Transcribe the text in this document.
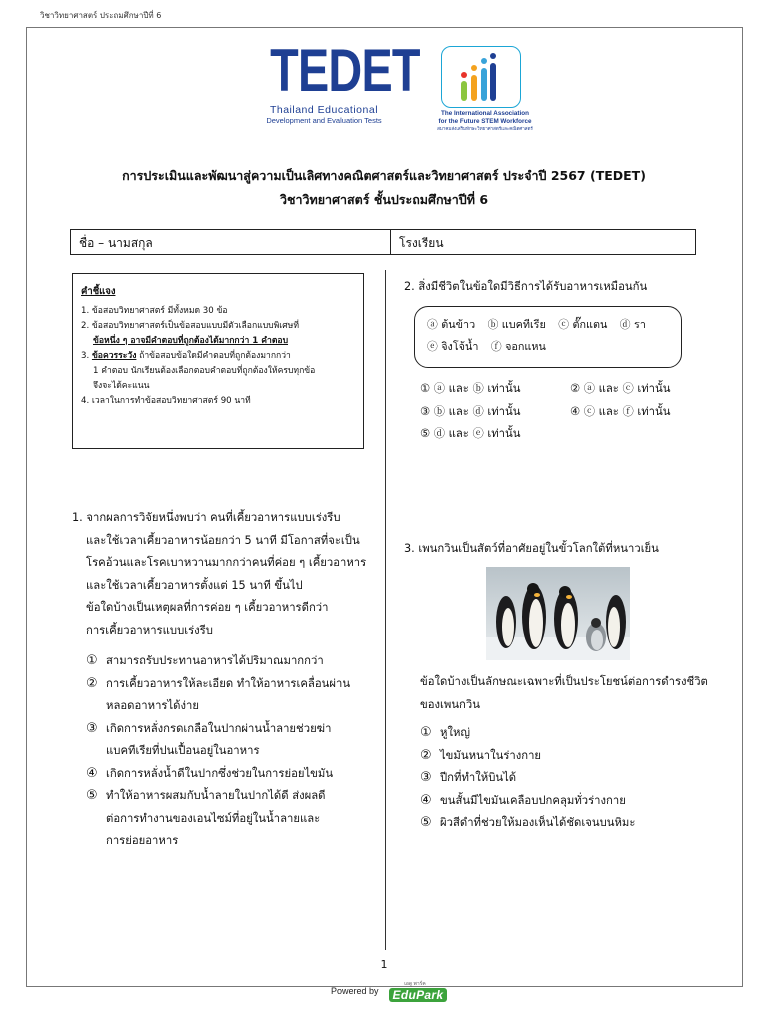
วิชาวิทยาศาสตร์ ประถมศึกษาปีที่ 6
TEDET
Thailand Educational
Development and Evaluation Tests
The International Association
for the Future STEM Workforce
สมาคมส่งเสริมทักษะวิทยาศาสตร์และคณิตศาสตร์
การประเมินและพัฒนาสู่ความเป็นเลิศทางคณิตศาสตร์และวิทยาศาสตร์ ประจำปี 2567 (TEDET)
วิชาวิทยาศาสตร์ ชั้นประถมศึกษาปีที่ 6
ชื่อ – นามสกุล	โรงเรียน
คำชี้แจง
1. ข้อสอบวิทยาศาสตร์ มีทั้งหมด 30 ข้อ
2. ข้อสอบวิทยาศาสตร์เป็นข้อสอบแบบมีตัวเลือกแบบพิเศษที่
ข้อหนึ่ง ๆ อาจมีคำตอบที่ถูกต้องได้มากกว่า 1 คำตอบ
3. ข้อควรระวัง ถ้าข้อสอบข้อใดมีคำตอบที่ถูกต้องมากกว่า
1 คำตอบ นักเรียนต้องเลือกตอบคำตอบที่ถูกต้องให้ครบทุกข้อ
จึงจะได้คะแนน
4. เวลาในการทำข้อสอบวิทยาศาสตร์ 90 นาที
1. จากผลการวิจัยหนึ่งพบว่า คนที่เคี้ยวอาหารแบบเร่งรีบ
และใช้เวลาเคี้ยวอาหารน้อยกว่า 5 นาที มีโอกาสที่จะเป็น
โรคอ้วนและโรคเบาหวานมากกว่าคนที่ค่อย ๆ เคี้ยวอาหาร
และใช้เวลาเคี้ยวอาหารตั้งแต่ 15 นาที ขึ้นไป
ข้อใดบ้างเป็นเหตุผลที่การค่อย ๆ เคี้ยวอาหารดีกว่า
การเคี้ยวอาหารแบบเร่งรีบ
① สามารถรับประทานอาหารได้ปริมาณมากกว่า
② การเคี้ยวอาหารให้ละเอียด ทำให้อาหารเคลื่อนผ่าน
หลอดอาหารได้ง่าย
③ เกิดการหลั่งกรดเกลือในปากผ่านน้ำลายช่วยฆ่า
แบคทีเรียที่ปนเปื้อนอยู่ในอาหาร
④ เกิดการหลั่งน้ำดีในปากซึ่งช่วยในการย่อยไขมัน
⑤ ทำให้อาหารผสมกับน้ำลายในปากได้ดี ส่งผลดี
ต่อการทำงานของเอนไซม์ที่อยู่ในน้ำลายและ
การย่อยอาหาร
2. สิ่งมีชีวิตในข้อใดมีวิธีการได้รับอาหารเหมือนกัน
ⓐ ต้นข้าว ⓑ แบคทีเรีย ⓒ ตั๊กแตน ⓓ รา
ⓔ จิงโจ้น้ำ ⓕ จอกแหน
① ⓐ และ ⓑ เท่านั้น	② ⓐ และ ⓒ เท่านั้น
③ ⓑ และ ⓓ เท่านั้น	④ ⓒ และ ⓕ เท่านั้น
⑤ ⓓ และ ⓔ เท่านั้น
3. เพนกวินเป็นสัตว์ที่อาศัยอยู่ในขั้วโลกใต้ที่หนาวเย็น
ข้อใดบ้างเป็นลักษณะเฉพาะที่เป็นประโยชน์ต่อการดำรงชีวิต
ของเพนกวิน
① หูใหญ่
② ไขมันหนาในร่างกาย
③ ปีกที่ทำให้บินได้
④ ขนสั้นมีไขมันเคลือบปกคลุมทั่วร่างกาย
⑤ ผิวสีดำที่ช่วยให้มองเห็นได้ชัดเจนบนหิมะ
1
Powered by
เอดู พาร์ค
EduPark
